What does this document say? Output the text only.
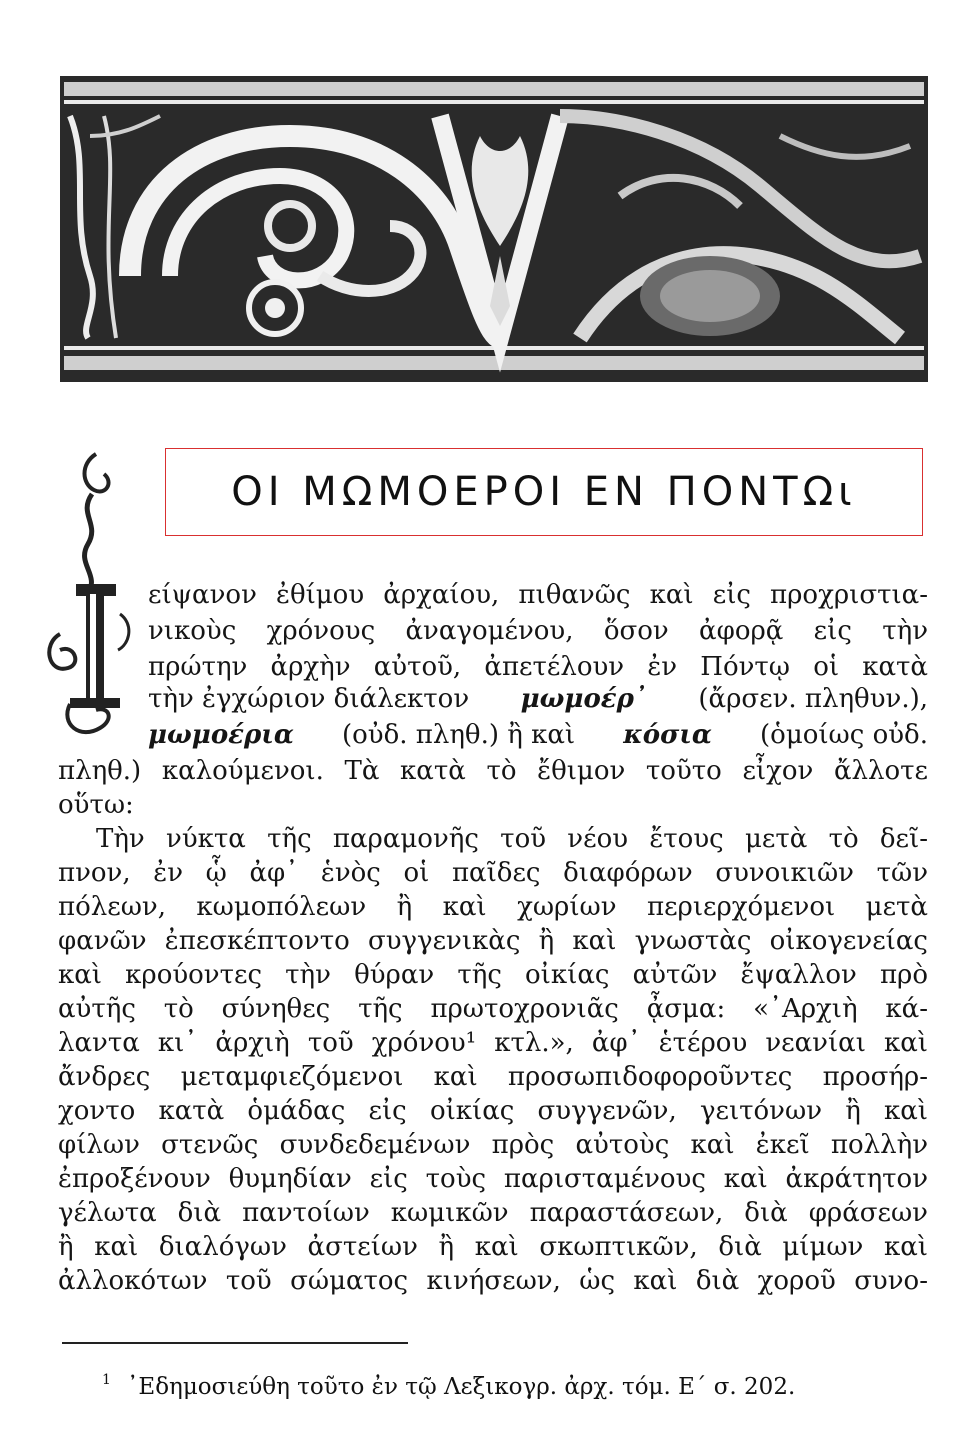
ΟΙ ΜΩΜΟΕΡΟΙ ΕΝ ΠΟΝΤΩι
είψανον ἐθίμου ἀρχαίου, πιθανῶς καὶ εἰς προχριστια-
νικοὺς χρόνους ἀναγομένου, ὅσον ἀφορᾷ εἰς τὴν
πρώτην ἀρχὴν αὐτοῦ, ἀπετέλουν ἐν Πόντῳ οἱ κατὰ
τὴν ἐγχώριον διάλεκτον μωμοέρ᾽ (ἄρσεν. πληθυν.),
μωμοέρια (οὐδ. πληθ.) ἢ καὶ κόσια (ὁμοίως οὐδ.
πληθ.) καλούμενοι. Τὰ κατὰ τὸ ἔθιμον τοῦτο εἶχον ἄλλοτε
οὕτω:
Τὴν νύκτα τῆς παραμονῆς τοῦ νέου ἔτους μετὰ τὸ δεῖ-
πνον, ἐν ᾧ ἀφ᾽ ἑνὸς οἱ παῖδες διαφόρων συνοικιῶν τῶν
πόλεων, κωμοπόλεων ἢ καὶ χωρίων περιερχόμενοι μετὰ
φανῶν ἐπεσκέπτοντο συγγενικὰς ἢ καὶ γνωστὰς οἰκογενείας
καὶ κρούοντες τὴν θύραν τῆς οἰκίας αὐτῶν ἔψαλλον πρὸ
αὐτῆς τὸ σύνηθες τῆς πρωτοχρονιᾶς ᾆσμα: «᾿Αρχιὴ κά-
λαντα κι᾿ ἀρχιὴ τοῦ χρόνου¹ κτλ.», ἀφ᾽ ἑτέρου νεανίαι καὶ
ἄνδρες μεταμφιεζόμενοι καὶ προσωπιδοφοροῦντες προσήρ-
χοντο κατὰ ὁμάδας εἰς οἰκίας συγγενῶν, γειτόνων ἢ καὶ
φίλων στενῶς συνδεδεμένων πρὸς αὐτοὺς καὶ ἐκεῖ πολλὴν
ἐπροξένουν θυμηδίαν εἰς τοὺς παρισταμένους καὶ ἀκράτητον
γέλωτα διὰ παντοίων κωμικῶν παραστάσεων, διὰ φράσεων
ἢ καὶ διαλόγων ἀστείων ἢ καὶ σκωπτικῶν, διὰ μίμων καὶ
ἀλλοκότων τοῦ σώματος κινήσεων, ὡς καὶ διὰ χοροῦ συνο-
$^1$ ᾿Εδημοσιεύθη τοῦτο ἐν τῷ Λεξικογρ. ἀρχ. τόμ. Ε΄ σ. 202.
